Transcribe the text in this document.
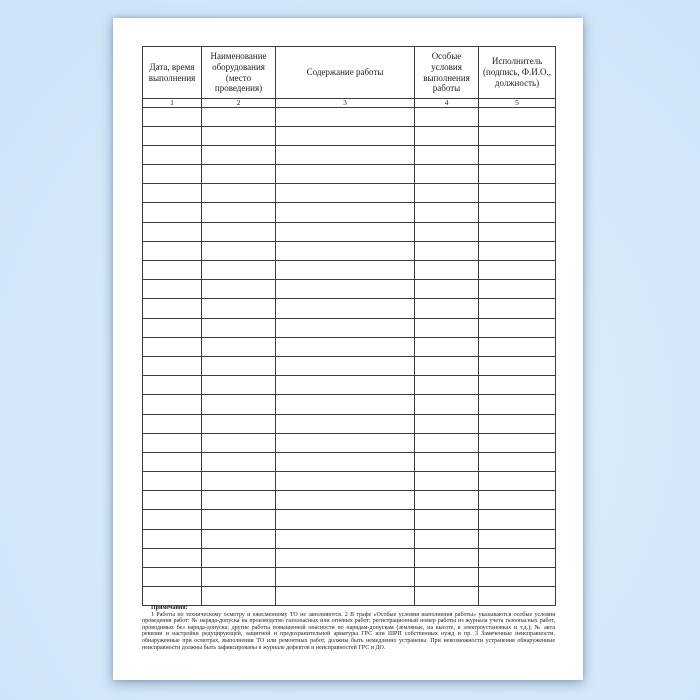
Дата, время выполнения	Наименование оборудования (место проведения)	Содержание работы	Особые условия выполнения работы	Исполнитель (подпись, Ф.И.О., должность)
1	2	3	4	5

Примечания:

1 Работы по техническому осмотру и ежесменному ТО не заполняются. 2 В графе «Особые условия выполнения работы» указываются особые условия проведения работ: № наряда-допуска на производство газоопасных или огневых работ; регистрационный номер работы из журнала учета газоопасных работ, проводимых без наряда-допуска; другие работы повышенной опасности по нарядам-допускам (земляные, на высоте, в электроустановках и т.д.); № акта ревизии и настройки редуцирующей, защитной и предохранительной арматуры ГРС или ШРП собственных нужд и пр. 3 Замеченные неисправности, обнаруженные при осмотрах, выполнении ТО или ремонтных работ, должны быть немедленно устранены. При невозможности устранения обнаруженные неисправности должны быть зафиксированы в журнале дефектов и неисправностей ГРС и ДО.
